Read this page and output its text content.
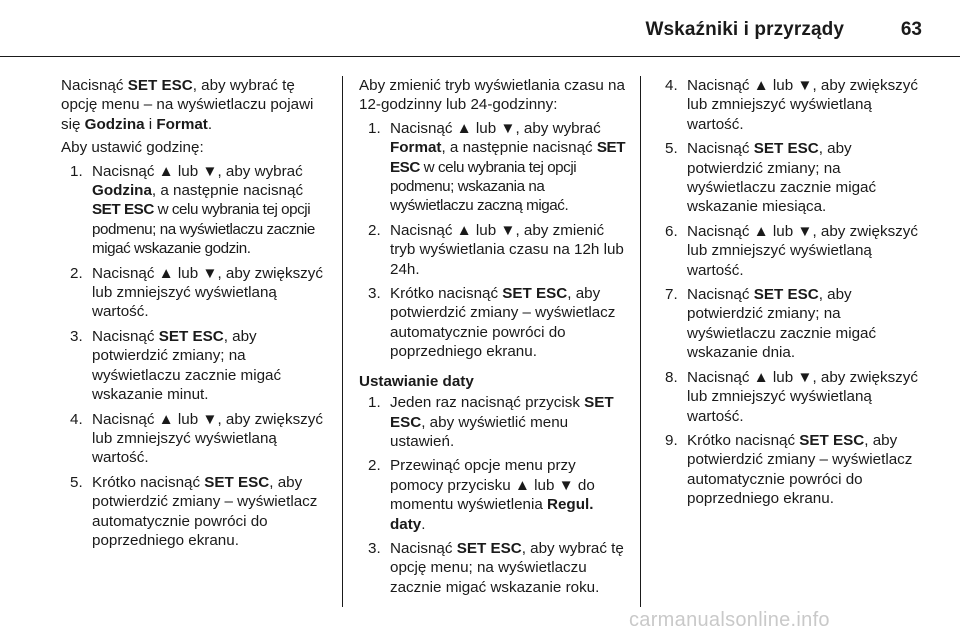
Wskaźniki i przyrządy	63

Nacisnąć SET ESC, aby wybrać tę opcję menu – na wyświetlaczu pojawi się Godzina i Format.

Aby ustawić godzinę:

1. Nacisnąć ▲ lub ▼, aby wybrać Godzina, a następnie nacisnąć SET ESC w celu wybrania tej opcji podmenu; na wyświetlaczu zacznie migać wskazanie godzin.
2. Nacisnąć ▲ lub ▼, aby zwiększyć lub zmniejszyć wyświetlaną wartość.
3. Nacisnąć SET ESC, aby potwierdzić zmiany; na wyświetlaczu zacznie migać wskazanie minut.
4. Nacisnąć ▲ lub ▼, aby zwiększyć lub zmniejszyć wyświetlaną wartość.
5. Krótko nacisnąć SET ESC, aby potwierdzić zmiany – wyświetlacz automatycznie powróci do poprzedniego ekranu.

Aby zmienić tryb wyświetlania czasu na 12-godzinny lub 24-godzinny:

1. Nacisnąć ▲ lub ▼, aby wybrać Format, a następnie nacisnąć SET ESC w celu wybrania tej opcji podmenu; wskazania na wyświetlaczu zaczną migać.
2. Nacisnąć ▲ lub ▼, aby zmienić tryb wyświetlania czasu na 12h lub 24h.
3. Krótko nacisnąć SET ESC, aby potwierdzić zmiany – wyświetlacz automatycznie powróci do poprzedniego ekranu.

Ustawianie daty

1. Jeden raz nacisnąć przycisk SET ESC, aby wyświetlić menu ustawień.
2. Przewinąć opcje menu przy pomocy przycisku ▲ lub ▼ do momentu wyświetlenia Regul. daty.
3. Nacisnąć SET ESC, aby wybrać tę opcję menu; na wyświetlaczu zacznie migać wskazanie roku.
4. Nacisnąć ▲ lub ▼, aby zwiększyć lub zmniejszyć wyświetlaną wartość.
5. Nacisnąć SET ESC, aby potwierdzić zmiany; na wyświetlaczu zacznie migać wskazanie miesiąca.
6. Nacisnąć ▲ lub ▼, aby zwiększyć lub zmniejszyć wyświetlaną wartość.
7. Nacisnąć SET ESC, aby potwierdzić zmiany; na wyświetlaczu zacznie migać wskazanie dnia.
8. Nacisnąć ▲ lub ▼, aby zwiększyć lub zmniejszyć wyświetlaną wartość.
9. Krótko nacisnąć SET ESC, aby potwierdzić zmiany – wyświetlacz automatycznie powróci do poprzedniego ekranu.
carmanualsonline.info
